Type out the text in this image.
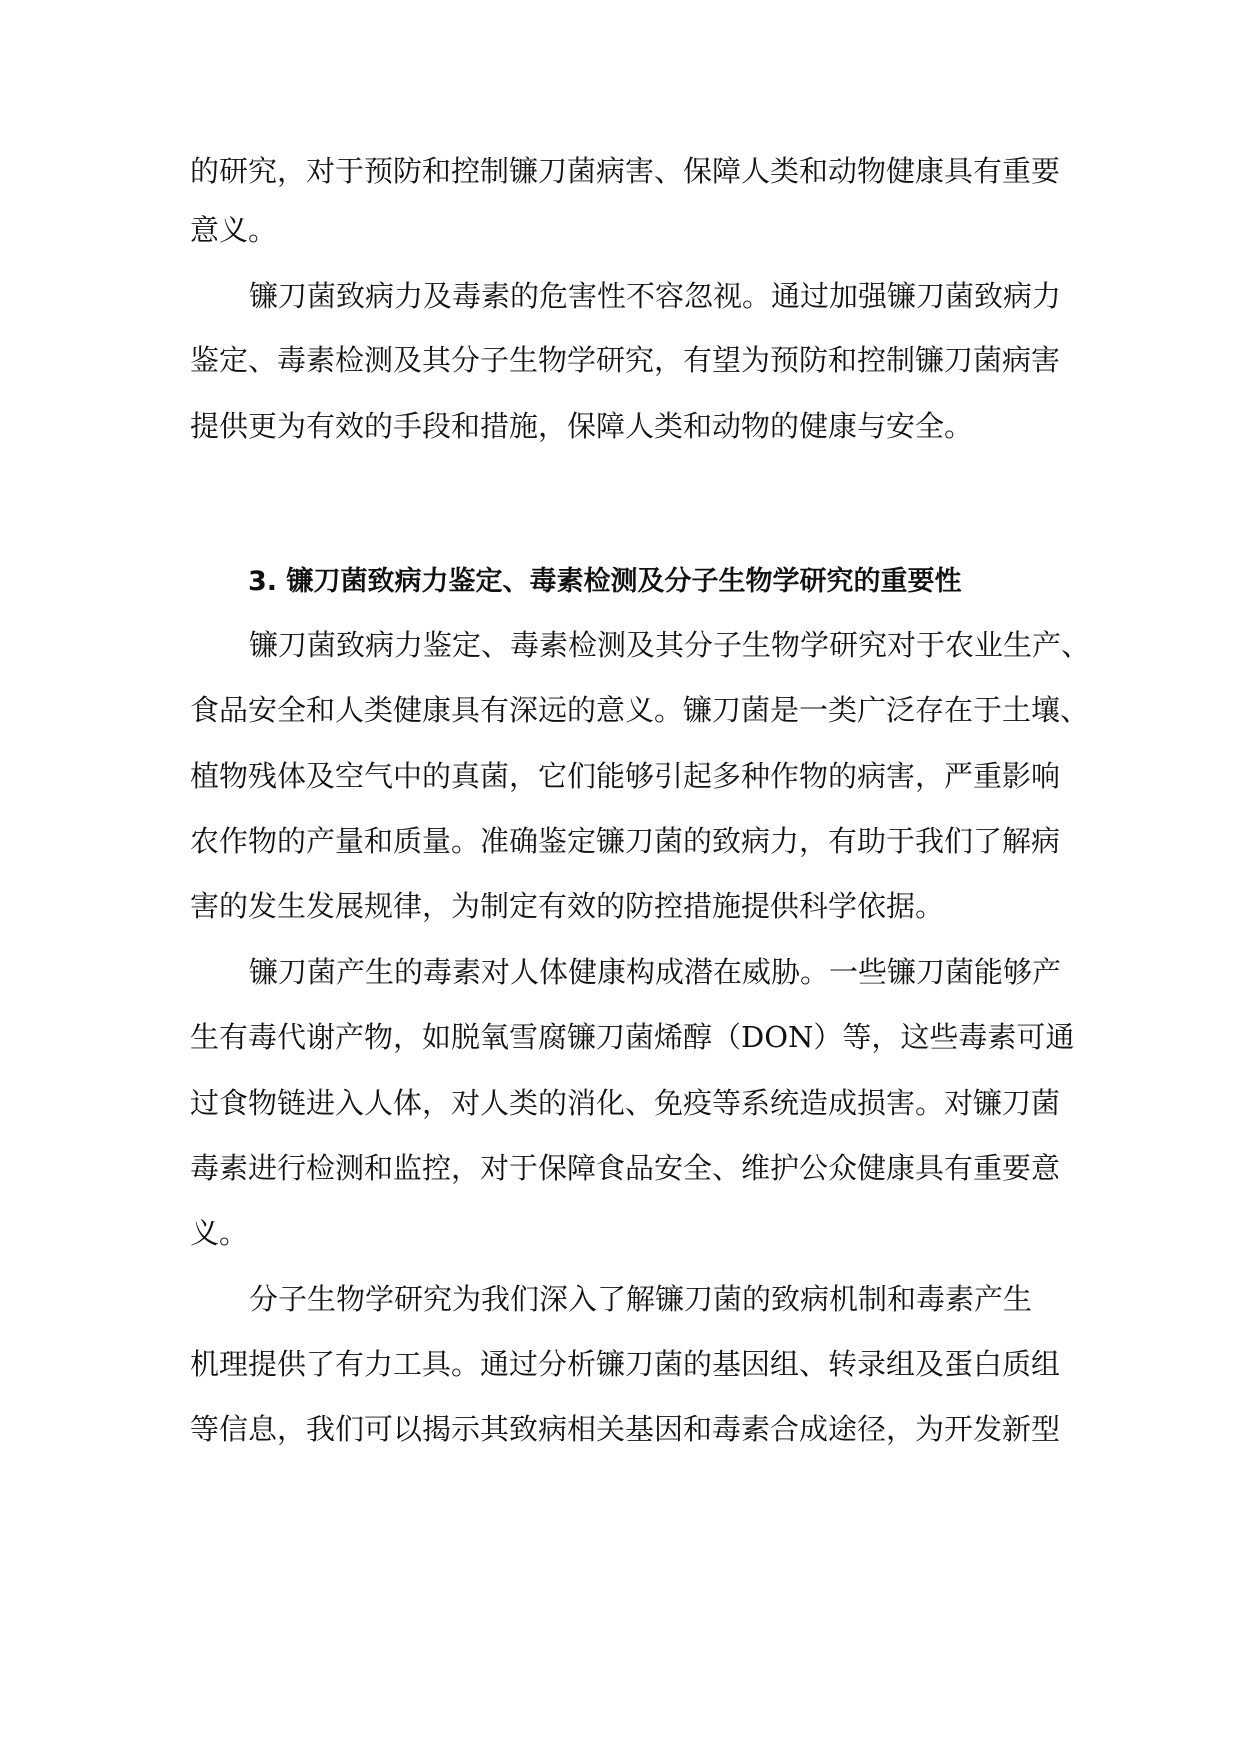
的研究，对于预防和控制镰刀菌病害、保障人类和动物健康具有重要
意义。
镰刀菌致病力及毒素的危害性不容忽视。通过加强镰刀菌致病力
鉴定、毒素检测及其分子生物学研究，有望为预防和控制镰刀菌病害
提供更为有效的手段和措施，保障人类和动物的健康与安全。
3. 镰刀菌致病力鉴定、毒素检测及分子生物学研究的重要性
镰刀菌致病力鉴定、毒素检测及其分子生物学研究对于农业生产、
食品安全和人类健康具有深远的意义。镰刀菌是一类广泛存在于土壤、
植物残体及空气中的真菌，它们能够引起多种作物的病害，严重影响
农作物的产量和质量。准确鉴定镰刀菌的致病力，有助于我们了解病
害的发生发展规律，为制定有效的防控措施提供科学依据。
镰刀菌产生的毒素对人体健康构成潜在威胁。一些镰刀菌能够产
生有毒代谢产物，如脱氧雪腐镰刀菌烯醇（DON）等，这些毒素可通
过食物链进入人体，对人类的消化、免疫等系统造成损害。对镰刀菌
毒素进行检测和监控，对于保障食品安全、维护公众健康具有重要意
义。
分子生物学研究为我们深入了解镰刀菌的致病机制和毒素产生
机理提供了有力工具。通过分析镰刀菌的基因组、转录组及蛋白质组
等信息，我们可以揭示其致病相关基因和毒素合成途径，为开发新型
